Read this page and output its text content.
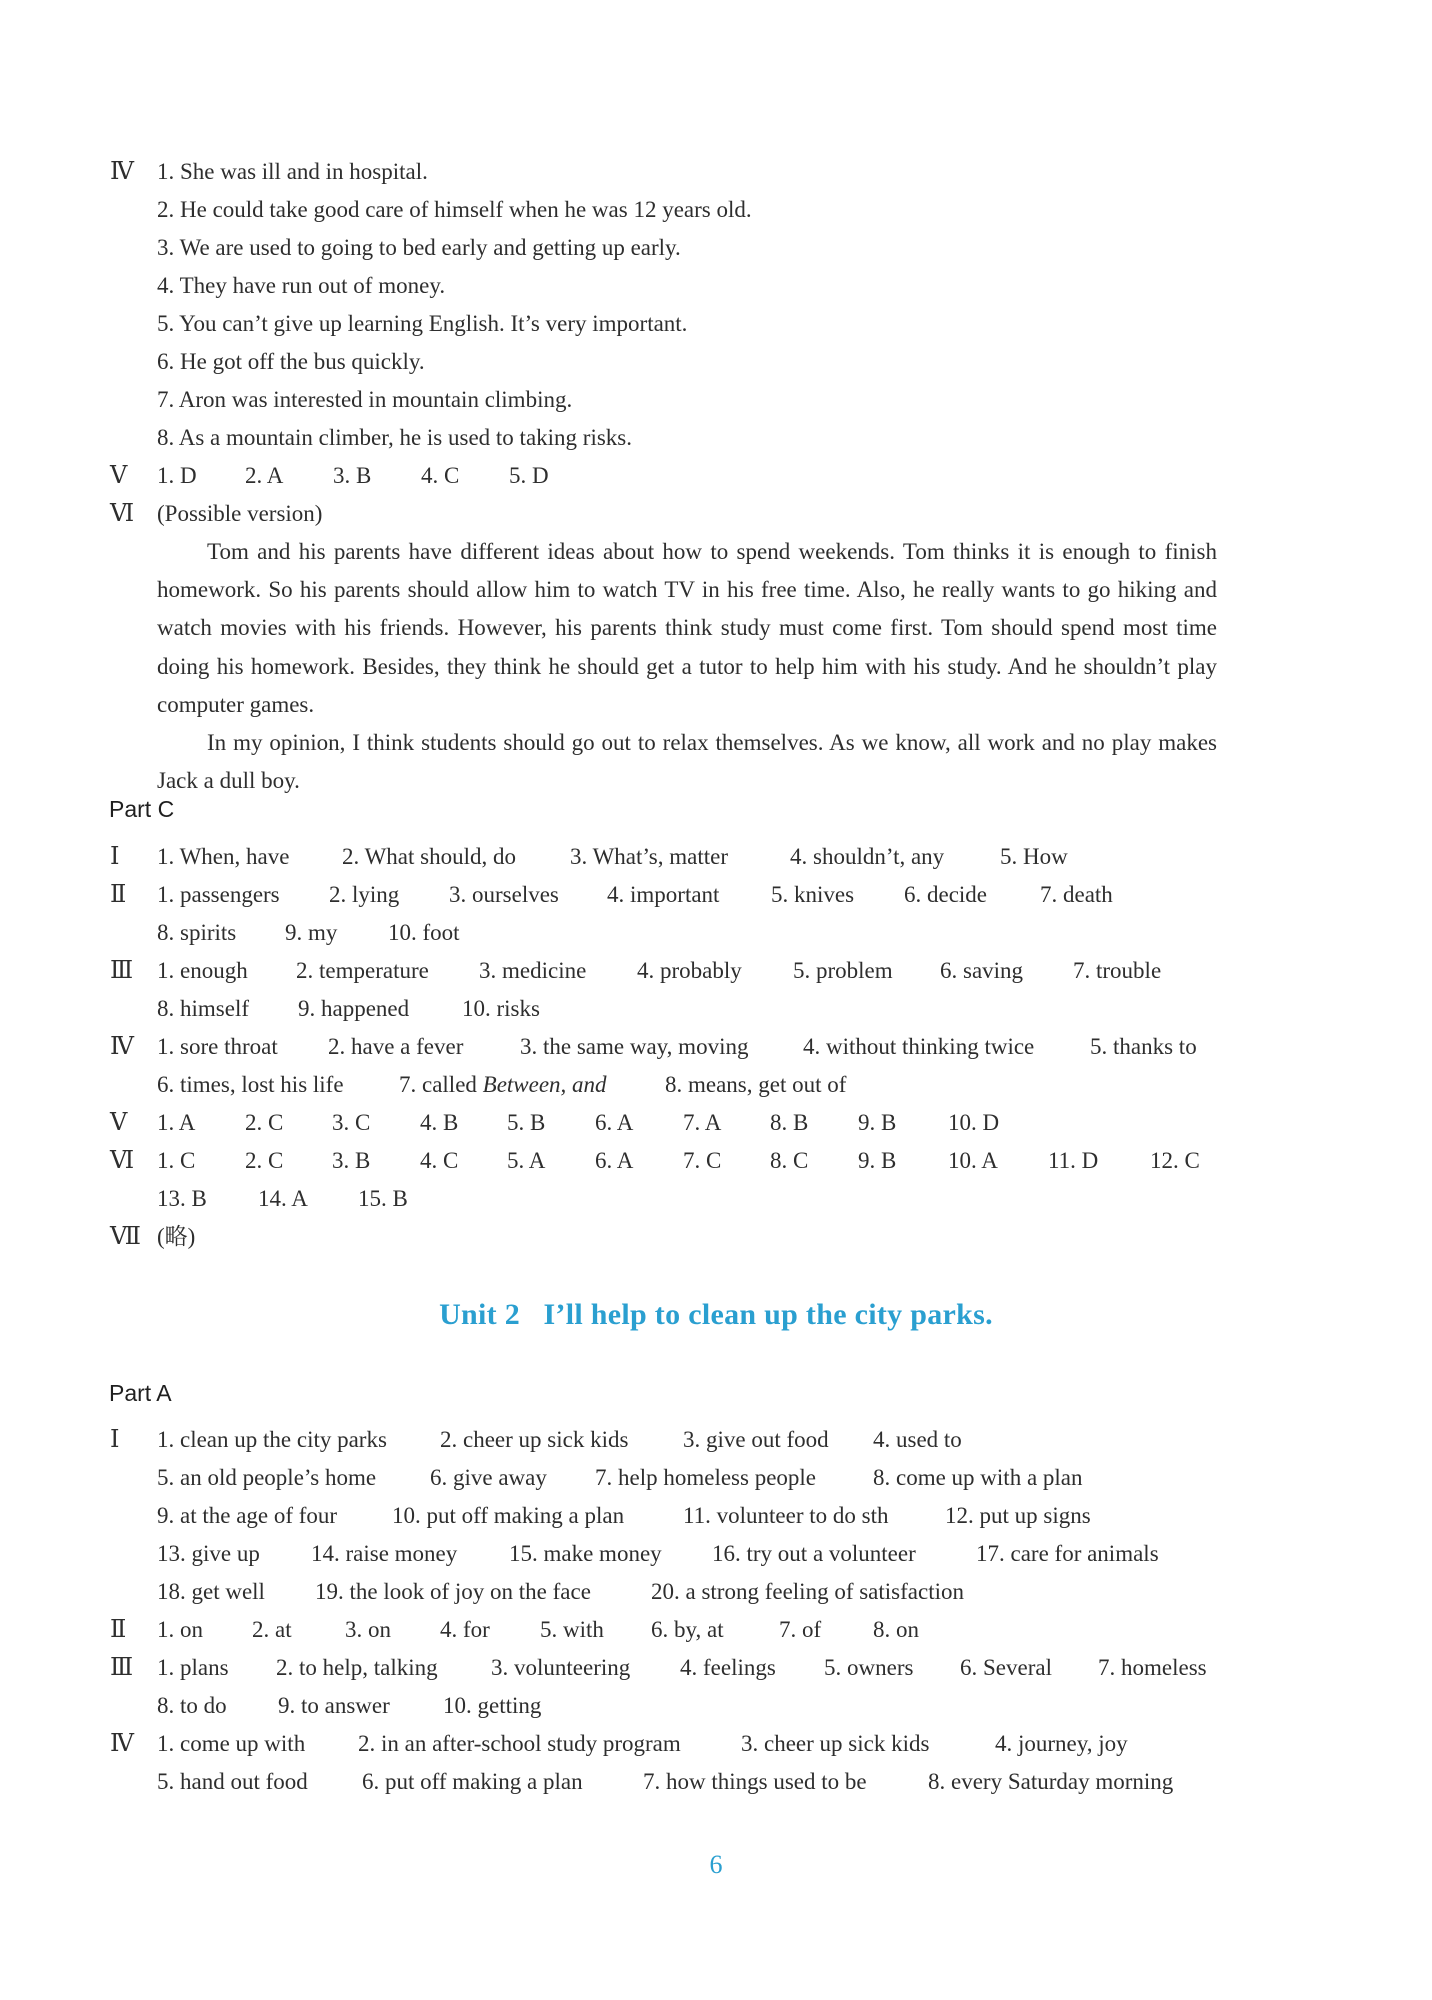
Ⅳ	1. She was ill and in hospital.
2. He could take good care of himself when he was 12 years old.
3. We are used to going to bed early and getting up early.
4. They have run out of money.
5. You can’t give up learning English. It’s very important.
6. He got off the bus quickly.
7. Aron was interested in mountain climbing.
8. As a mountain climber, he is used to taking risks.
Ⅴ	1. D 2. A 3. B 4. C 5. D
Ⅵ (Possible version)

Tom and his parents have different ideas about how to spend weekends. Tom thinks it is enough to finish homework. So his parents should allow him to watch TV in his free time. Also, he really wants to go hiking and watch movies with his friends. However, his parents think study must come first. Tom should spend most time doing his homework. Besides, they think he should get a tutor to help him with his study. And he shouldn’t play computer games.

In my opinion, I think students should go out to relax themselves. As we know, all work and no play makes Jack a dull boy.

Part C
Ⅰ	1. When, have 2. What should, do 3. What’s, matter	4. shouldn’t, any 5. How
Ⅱ	1. passengers 2. lying 3. ourselves 4. important 5. knives 6. decide 7. death
8. spirits 9. my 10. foot
Ⅲ	1. enough 2. temperature 3. medicine 4. probably 5. problem 6. saving 7. trouble
8. himself 9. happened 10. risks
Ⅳ	1. sore throat 2. have a fever 3. the same way, moving 4. without thinking twice 5. thanks to
6. times, lost his life 7. called Between, and	8. means, get out of
Ⅴ	1. A 2. C 3. C 4. B 5. B 6. A 7. A 8. B 9. B 10. D
Ⅵ 1. C 2. C 3. B 4. C 5. A 6. A 7. C 8. C 9. B 10. A 11. D 12. C
13. B 14. A 15. B
Ⅶ (略)
Unit 2   I’ll help to clean up the city parks.
Part A
Ⅰ	1. clean up the city parks 2. cheer up sick kids 3. give out food 4. used to
5. an old people’s home 6. give away 7. help homeless people 8. come up with a plan
9. at the age of four 10. put off making a plan	11. volunteer to do sth 12. put up signs
13. give up 14. raise money 15. make money 16. try out a volunteer	17. care for animals
18. get well 19. the look of joy on the face	20. a strong feeling of satisfaction
Ⅱ	1. on 2. at 3. on 4. for 5. with 6. by, at 7. of 8. on
Ⅲ	1. plans 2. to help, talking 3. volunteering 4. feelings 5. owners 6. Several 7. homeless
8. to do 9. to answer 10. getting
Ⅳ	1. come up with 2. in an after-school study program	3. cheer up sick kids	4. journey, joy
5. hand out food 6. put off making a plan	7. how things used to be	8. every Saturday morning
6
